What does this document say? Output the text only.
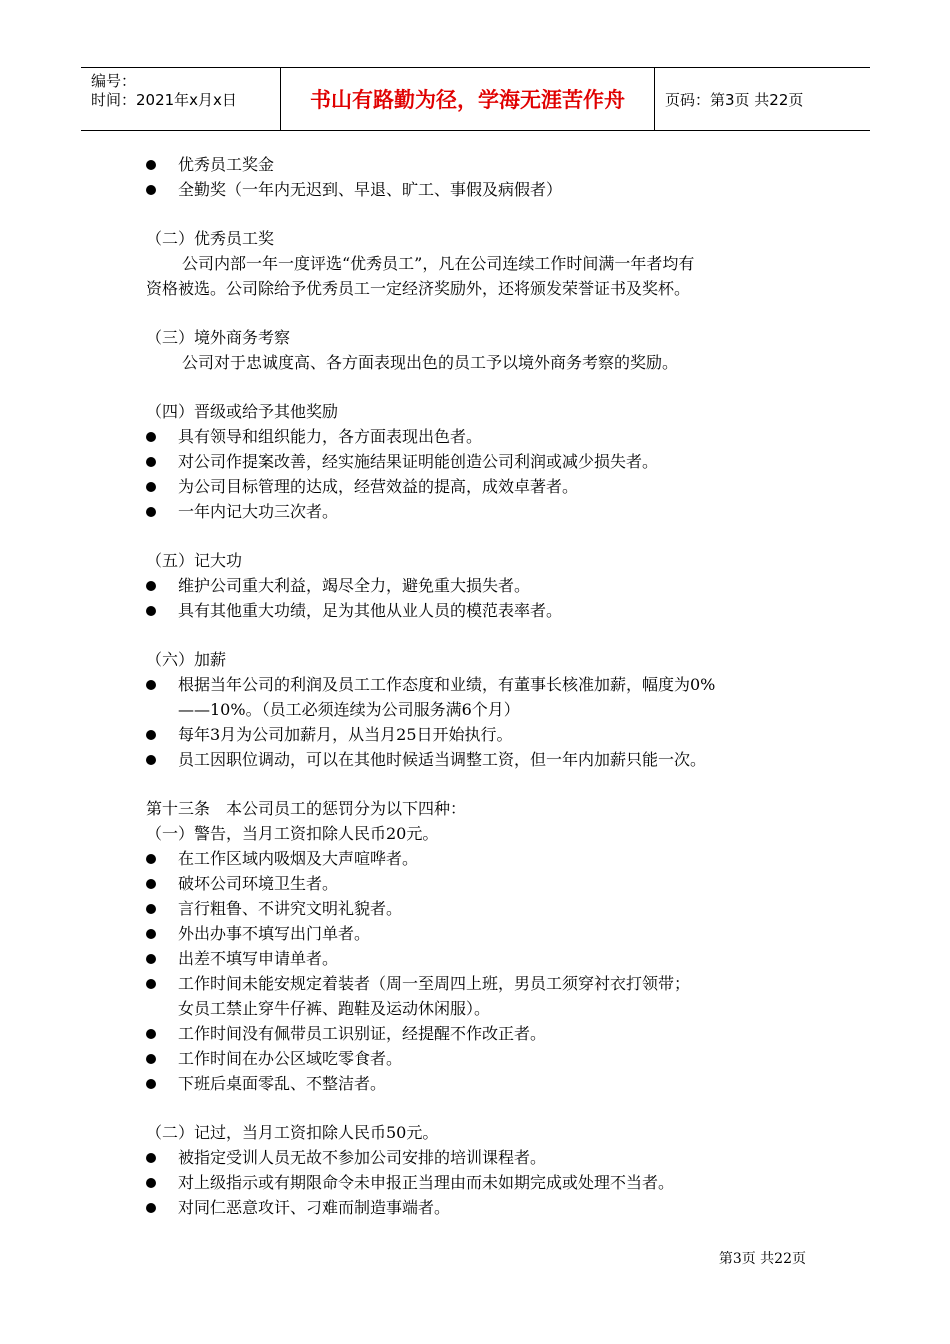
编号：
时间：2021年x月x日	书山有路勤为径，学海无涯苦作舟	页码：第3页 共22页
优秀员工奖金
全勤奖（一年内无迟到、早退、旷工、事假及病假者）
（二）优秀员工奖
公司内部一年一度评选“优秀员工”，凡在公司连续工作时间满一年者均有
资格被选。公司除给予优秀员工一定经济奖励外，还将颁发荣誉证书及奖杯。
（三）境外商务考察
公司对于忠诚度高、各方面表现出色的员工予以境外商务考察的奖励。
（四）晋级或给予其他奖励
具有领导和组织能力，各方面表现出色者。
对公司作提案改善，经实施结果证明能创造公司利润或减少损失者。
为公司目标管理的达成，经营效益的提高，成效卓著者。
一年内记大功三次者。
（五）记大功
维护公司重大利益，竭尽全力，避免重大损失者。
具有其他重大功绩，足为其他从业人员的模范表率者。
（六）加薪
根据当年公司的利润及员工工作态度和业绩，有董事长核准加薪，幅度为0%
——10%。（员工必须连续为公司服务满6个月）
每年3月为公司加薪月，从当月25日开始执行。
员工因职位调动，可以在其他时候适当调整工资，但一年内加薪只能一次。
第十三条　本公司员工的惩罚分为以下四种：
（一）警告，当月工资扣除人民币20元。
在工作区域内吸烟及大声喧哗者。
破坏公司环境卫生者。
言行粗鲁、不讲究文明礼貌者。
外出办事不填写出门单者。
出差不填写申请单者。
工作时间未能安规定着装者（周一至周四上班，男员工须穿衬衣打领带；
女员工禁止穿牛仔裤、跑鞋及运动休闲服）。
工作时间没有佩带员工识别证，经提醒不作改正者。
工作时间在办公区域吃零食者。
下班后桌面零乱、不整洁者。
（二）记过，当月工资扣除人民币50元。
被指定受训人员无故不参加公司安排的培训课程者。
对上级指示或有期限命令未申报正当理由而未如期完成或处理不当者。
对同仁恶意攻讦、刁难而制造事端者。
第3页 共22页
